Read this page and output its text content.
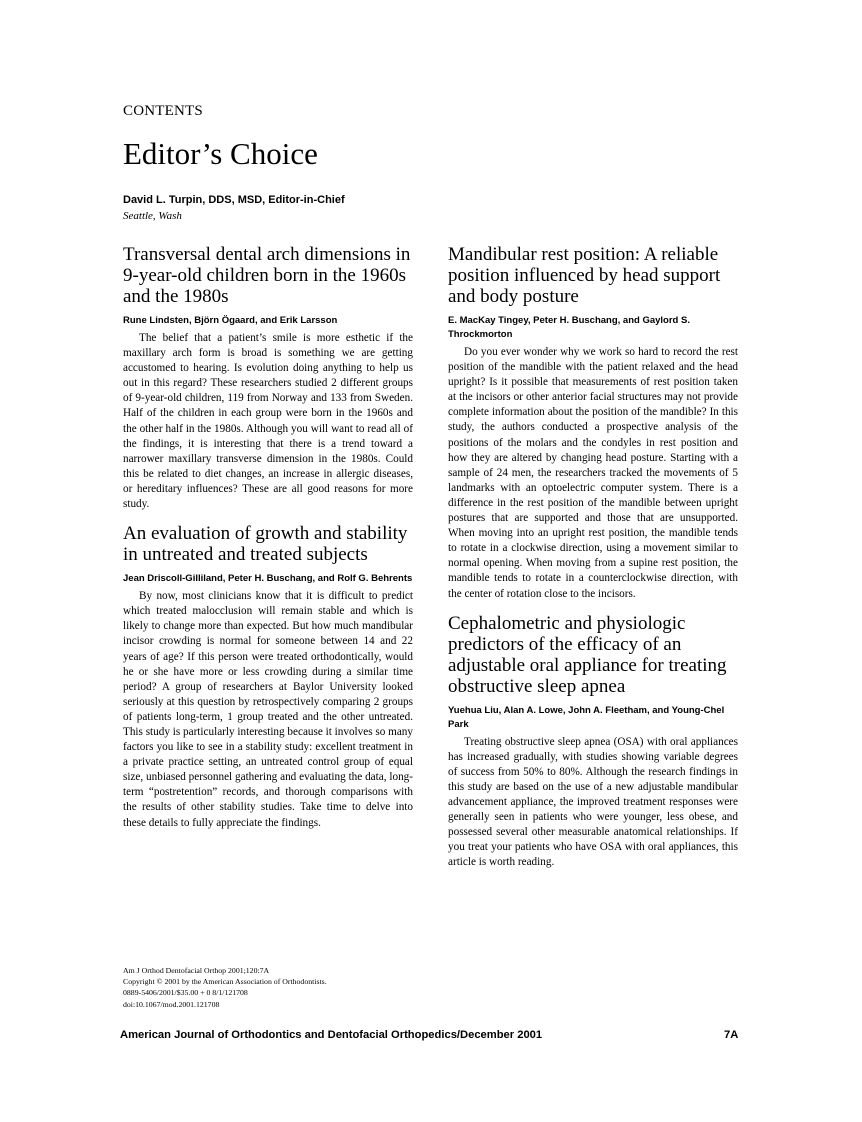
CONTENTS
Editor’s Choice
David L. Turpin, DDS, MSD, Editor-in-Chief
Seattle, Wash
Transversal dental arch dimensions in 9-year-old children born in the 1960s and the 1980s
Rune Lindsten, Björn Ögaard, and Erik Larsson

The belief that a patient’s smile is more esthetic if the maxillary arch form is broad is something we are getting accustomed to hearing. Is evolution doing anything to help us out in this regard? These researchers studied 2 different groups of 9-year-old children, 119 from Norway and 133 from Sweden. Half of the children in each group were born in the 1960s and the other half in the 1980s. Although you will want to read all of the findings, it is interesting that there is a trend toward a narrower maxillary transverse dimension in the 1980s. Could this be related to diet changes, an increase in allergic diseases, or hereditary influences? These are all good reasons for more study.

An evaluation of growth and stability in untreated and treated subjects
Jean Driscoll-Gilliland, Peter H. Buschang, and Rolf G. Behrents

By now, most clinicians know that it is difficult to predict which treated malocclusion will remain stable and which is likely to change more than expected. But how much mandibular incisor crowding is normal for someone between 14 and 22 years of age? If this person were treated orthodontically, would he or she have more or less crowding during a similar time period? A group of researchers at Baylor University looked seriously at this question by retrospectively comparing 2 groups of patients long-term, 1 group treated and the other untreated. This study is particularly interesting because it involves so many factors you like to see in a stability study: excellent treatment in a private practice setting, an untreated control group of equal size, unbiased personnel gathering and evaluating the data, long-term “postretention” records, and thorough comparisons with the results of other stability studies. Take time to delve into these details to fully appreciate the findings.

Mandibular rest position: A reliable position influenced by head support and body posture
E. MacKay Tingey, Peter H. Buschang, and Gaylord S. Throckmorton

Do you ever wonder why we work so hard to record the rest position of the mandible with the patient relaxed and the head upright? Is it possible that measurements of rest position taken at the incisors or other anterior facial structures may not provide complete information about the position of the mandible? In this study, the authors conducted a prospective analysis of the positions of the molars and the condyles in rest position and how they are altered by changing head posture. Starting with a sample of 24 men, the researchers tracked the movements of 5 landmarks with an optoelectric computer system. There is a difference in the rest position of the mandible between upright postures that are supported and those that are unsupported. When moving into an upright rest position, the mandible tends to rotate in a clockwise direction, using a movement similar to normal opening. When moving from a supine rest position, the mandible tends to rotate in a counterclockwise direction, with the center of rotation close to the incisors.

Cephalometric and physiologic predictors of the efficacy of an adjustable oral appliance for treating obstructive sleep apnea
Yuehua Liu, Alan A. Lowe, John A. Fleetham, and Young-Chel Park

Treating obstructive sleep apnea (OSA) with oral appliances has increased gradually, with studies showing variable degrees of success from 50% to 80%. Although the research findings in this study are based on the use of a new adjustable mandibular advancement appliance, the improved treatment responses were generally seen in patients who were younger, less obese, and possessed several other measurable anatomical relationships. If you treat your patients who have OSA with oral appliances, this article is worth reading.

Am J Orthod Dentofacial Orthop 2001;120:7A
Copyright © 2001 by the American Association of Orthodontists.
0889-5406/2001/$35.00 + 0 8/1/121708
doi:10.1067/mod.2001.121708
American Journal of Orthodontics and Dentofacial Orthopedics/December 2001	7A
